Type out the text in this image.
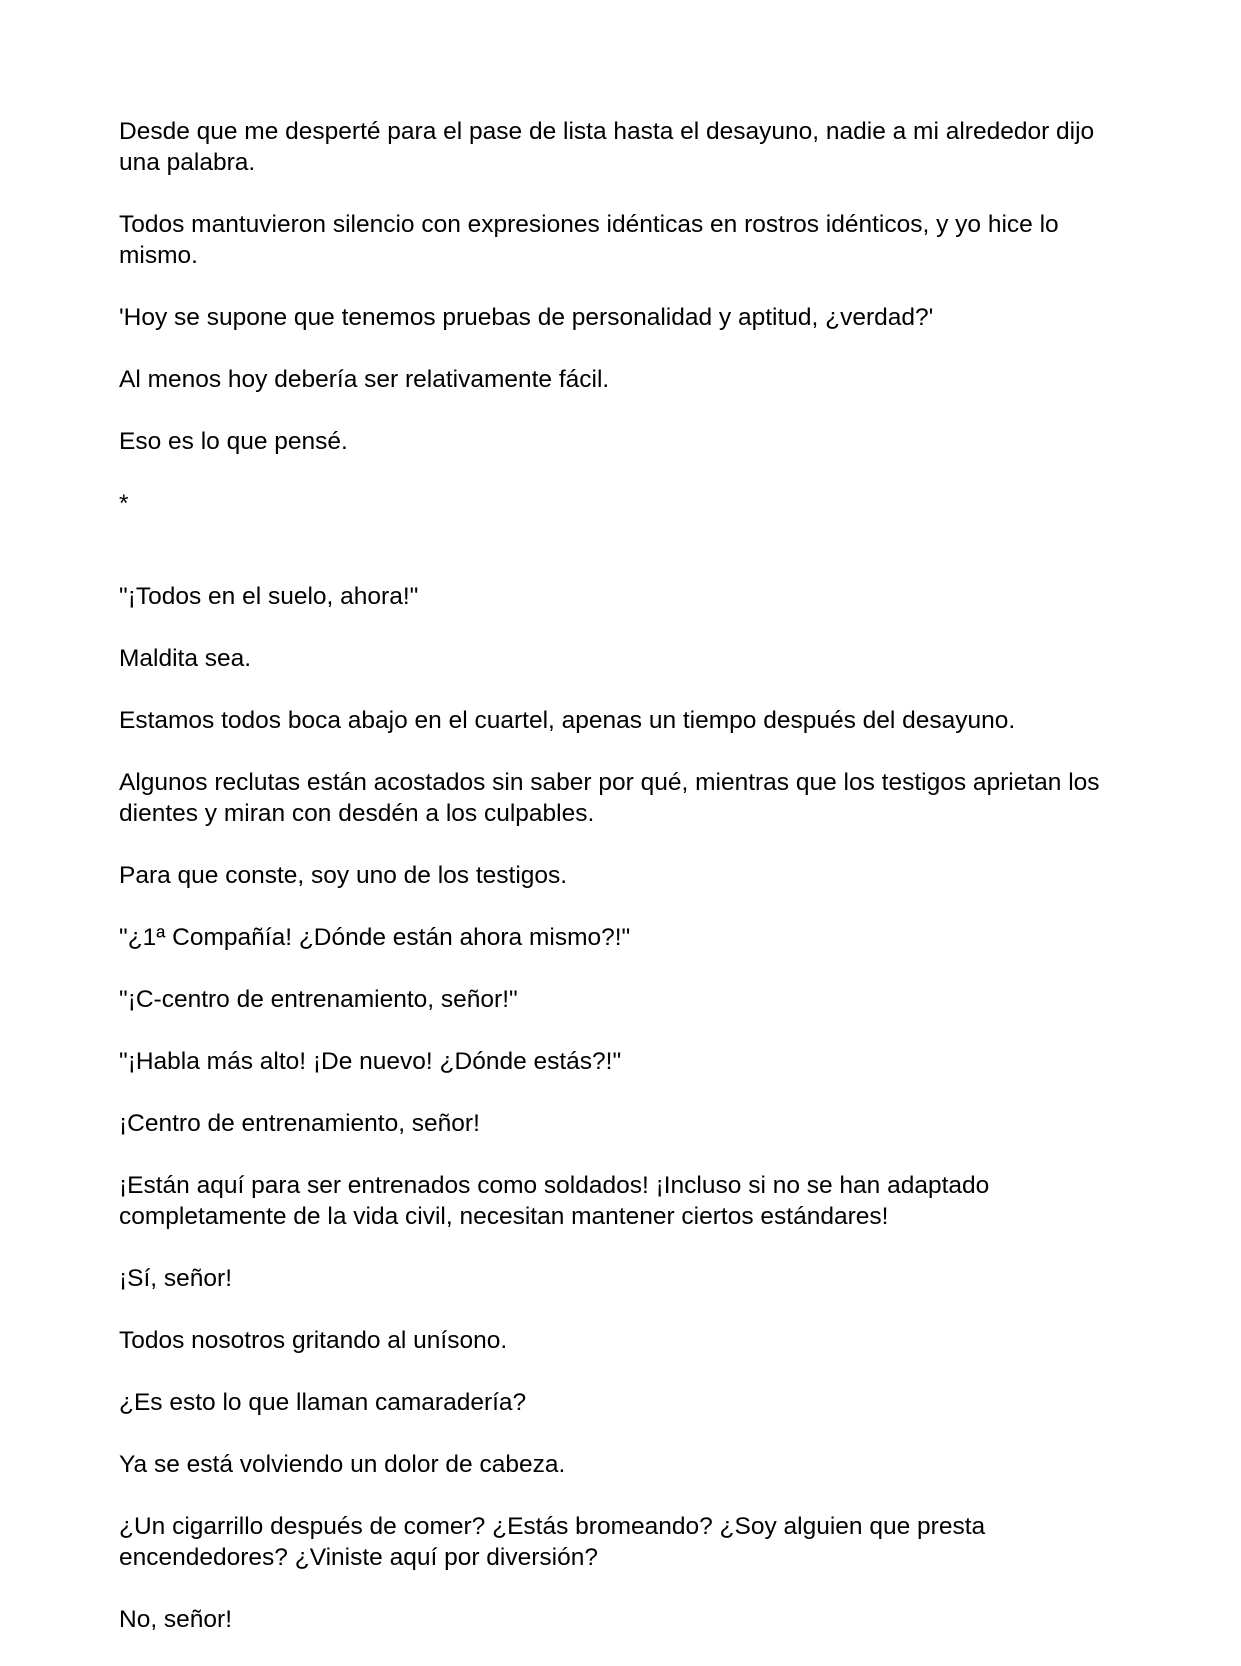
Desde que me desperté para el pase de lista hasta el desayuno, nadie a mi alrededor dijo una palabra.

Todos mantuvieron silencio con expresiones idénticas en rostros idénticos, y yo hice lo mismo.

'Hoy se supone que tenemos pruebas de personalidad y aptitud, ¿verdad?'

Al menos hoy debería ser relativamente fácil.

Eso es lo que pensé.

*

"¡Todos en el suelo, ahora!"

Maldita sea.

Estamos todos boca abajo en el cuartel, apenas un tiempo después del desayuno.

Algunos reclutas están acostados sin saber por qué, mientras que los testigos aprietan los dientes y miran con desdén a los culpables.

Para que conste, soy uno de los testigos.

"¿1ª Compañía! ¿Dónde están ahora mismo?!"

"¡C-centro de entrenamiento, señor!"

"¡Habla más alto! ¡De nuevo! ¿Dónde estás?!"

¡Centro de entrenamiento, señor!

¡Están aquí para ser entrenados como soldados! ¡Incluso si no se han adaptado completamente de la vida civil, necesitan mantener ciertos estándares!

¡Sí, señor!

Todos nosotros gritando al unísono.

¿Es esto lo que llaman camaradería?

Ya se está volviendo un dolor de cabeza.

¿Un cigarrillo después de comer? ¿Estás bromeando? ¿Soy alguien que presta encendedores? ¿Viniste aquí por diversión?

No, señor!
